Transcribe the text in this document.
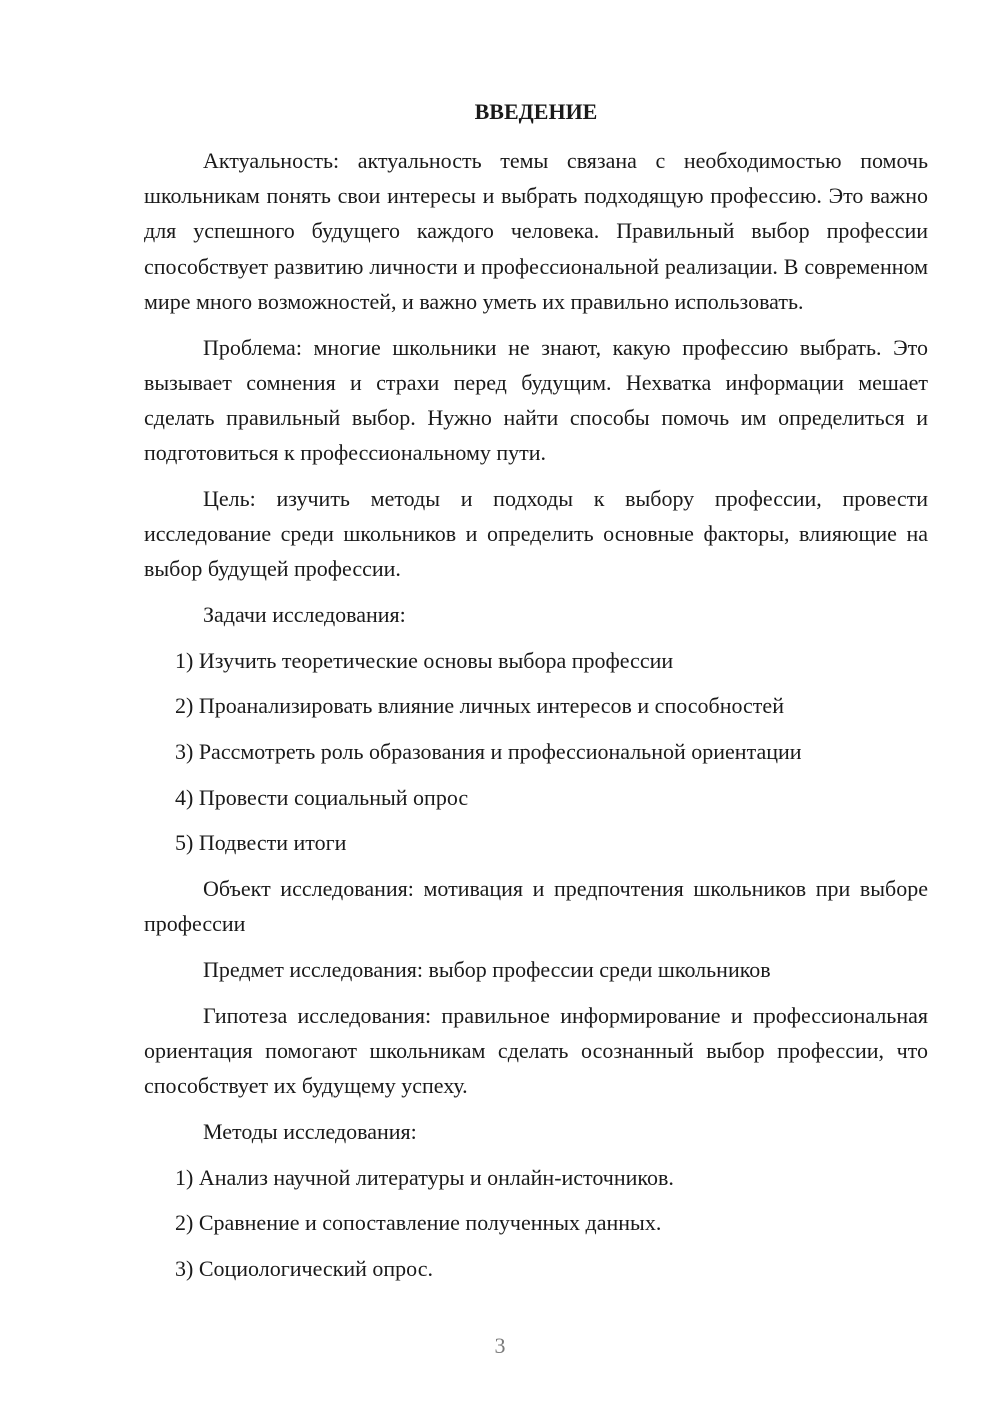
ВВЕДЕНИЕ

Актуальность: актуальность темы связана с необходимостью помочь школьникам понять свои интересы и выбрать подходящую профессию. Это важно для успешного будущего каждого человека. Правильный выбор профессии способствует развитию личности и профессиональной реализации. В современном мире много возможностей, и важно уметь их правильно использовать.

Проблема: многие школьники не знают, какую профессию выбрать. Это вызывает сомнения и страхи перед будущим. Нехватка информации мешает сделать правильный выбор. Нужно найти способы помочь им определиться и подготовиться к профессиональному пути.

Цель: изучить методы и подходы к выбору профессии, провести исследование среди школьников и определить основные факторы, влияющие на выбор будущей профессии.

Задачи исследования:
1) Изучить теоретические основы выбора профессии
2) Проанализировать влияние личных интересов и способностей
3) Рассмотреть роль образования и профессиональной ориентации
4) Провести социальный опрос
5) Подвести итоги

Объект исследования: мотивация и предпочтения школьников при выборе профессии

Предмет исследования: выбор профессии среди школьников

Гипотеза исследования: правильное информирование и профессиональная ориентация помогают школьникам сделать осознанный выбор профессии, что способствует их будущему успеху.

Методы исследования:
1) Анализ научной литературы и онлайн-источников.
2) Сравнение и сопоставление полученных данных.
3) Социологический опрос.
3
